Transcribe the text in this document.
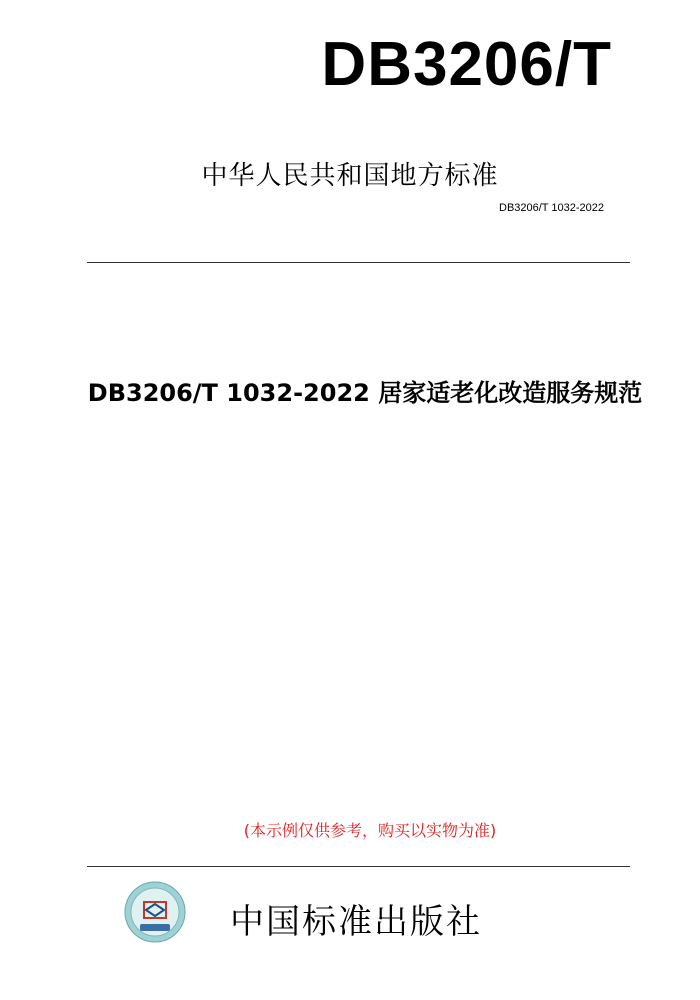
DB3206/T
中华人民共和国地方标准
DB3206/T 1032-2022
DB3206/T 1032-2022 居家适老化改造服务规范
(本示例仅供参考，购买以实物为准)
中国标准出版社
